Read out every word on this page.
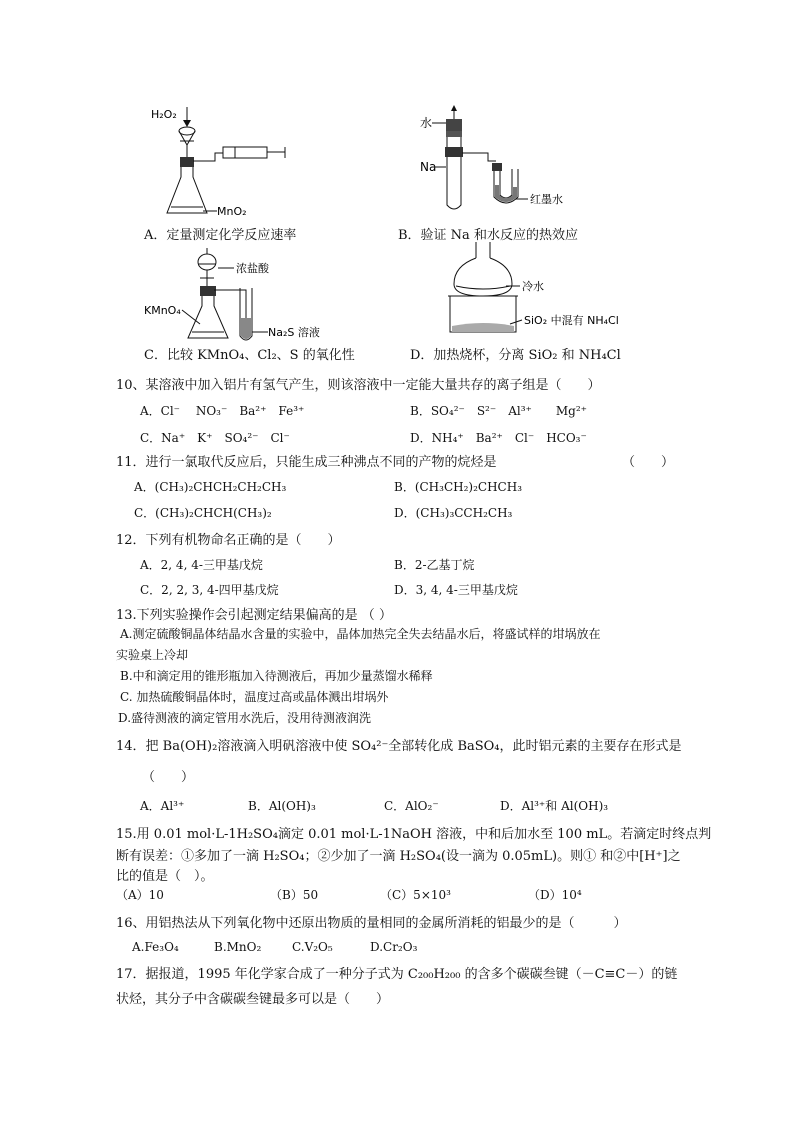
H₂O₂
MnO₂
A．定量测定化学反应速率
水
Na
红墨水
B．验证 Na 和水反应的热效应
浓盐酸
KMnO₄
Na₂S 溶液
C．比较 KMnO₄、Cl₂、S 的氧化性
冷水
SiO₂ 中混有 NH₄Cl
D．加热烧杯，分离 SiO₂ 和 NH₄Cl
10、某溶液中加入铝片有氢气产生，则该溶液中一定能大量共存的离子组是（　　）
A．Cl⁻　 NO₃⁻　Ba²⁺　Fe³⁺	B．SO₄²⁻　S²⁻　Al³⁺　　Mg²⁺
C．Na⁺　K⁺　SO₄²⁻　Cl⁻	D．NH₄⁺　Ba²⁺　Cl⁻　HCO₃⁻
11．进行一氯取代反应后，只能生成三种沸点不同的产物的烷烃是	（　　）
A．(CH₃)₂CHCH₂CH₂CH₃	B．(CH₃CH₂)₂CHCH₃
C．(CH₃)₂CHCH(CH₃)₂	D．(CH₃)₃CCH₂CH₃
12．下列有机物命名正确的是（　　）
A．2, 4, 4-三甲基戊烷	B．2-乙基丁烷
C．2, 2, 3, 4-四甲基戊烷	D．3, 4, 4-三甲基戊烷
13.下列实验操作会引起测定结果偏高的是 （ ）
A.测定硫酸铜晶体结晶水含量的实验中，晶体加热完全失去结晶水后，将盛试样的坩埚放在
实验桌上冷却
B.中和滴定用的锥形瓶加入待测液后，再加少量蒸馏水稀释
C. 加热硫酸铜晶体时，温度过高或晶体溅出坩埚外
D.盛待测液的滴定管用水洗后，没用待测液润洗
14．把 Ba(OH)₂溶液滴入明矾溶液中使 SO₄²⁻全部转化成 BaSO₄，此时铝元素的主要存在形式是
（　　）
A．Al³⁺	B．Al(OH)₃	C．AlO₂⁻	D．Al³⁺和 Al(OH)₃
15.用 0.01 mol·L-1H₂SO₄滴定 0.01 mol·L-1NaOH 溶液，中和后加水至 100 mL。若滴定时终点判
断有误差：①多加了一滴 H₂SO₄；②少加了一滴 H₂SO₄(设一滴为 0.05mL)。则① 和②中[H⁺]之
比的值是（　）。
（A）10	（B）50	（C）5×10³	（D）10⁴
16、用铝热法从下列氧化物中还原出物质的量相同的金属所消耗的铝最少的是（　　　）
A.Fe₃O₄	B.MnO₂	C.V₂O₅	D.Cr₂O₃
17．据报道，1995 年化学家合成了一种分子式为 C₂₀₀H₂₀₀ 的含多个碳碳叁键（－C≡C－）的链
状烃，其分子中含碳碳叁键最多可以是（　　）
